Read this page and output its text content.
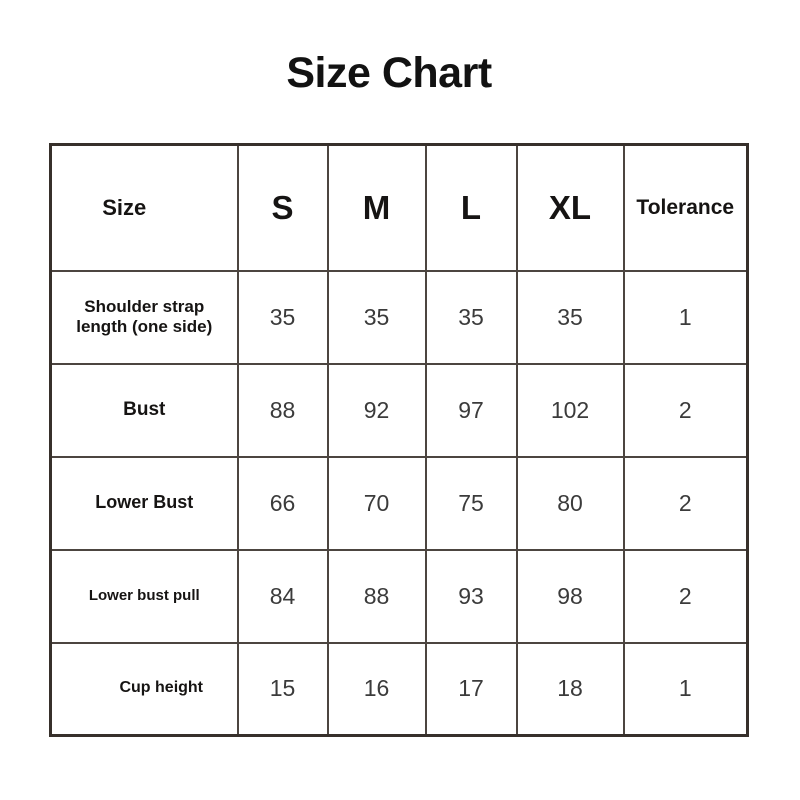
Size Chart
Size	S	M	L	XL	Tolerance
Shoulder strap length (one side)	35	35	35	35	1
Bust	88	92	97	102	2
Lower Bust	66	70	75	80	2
Lower bust pull	84	88	93	98	2
Cup height	15	16	17	18	1
